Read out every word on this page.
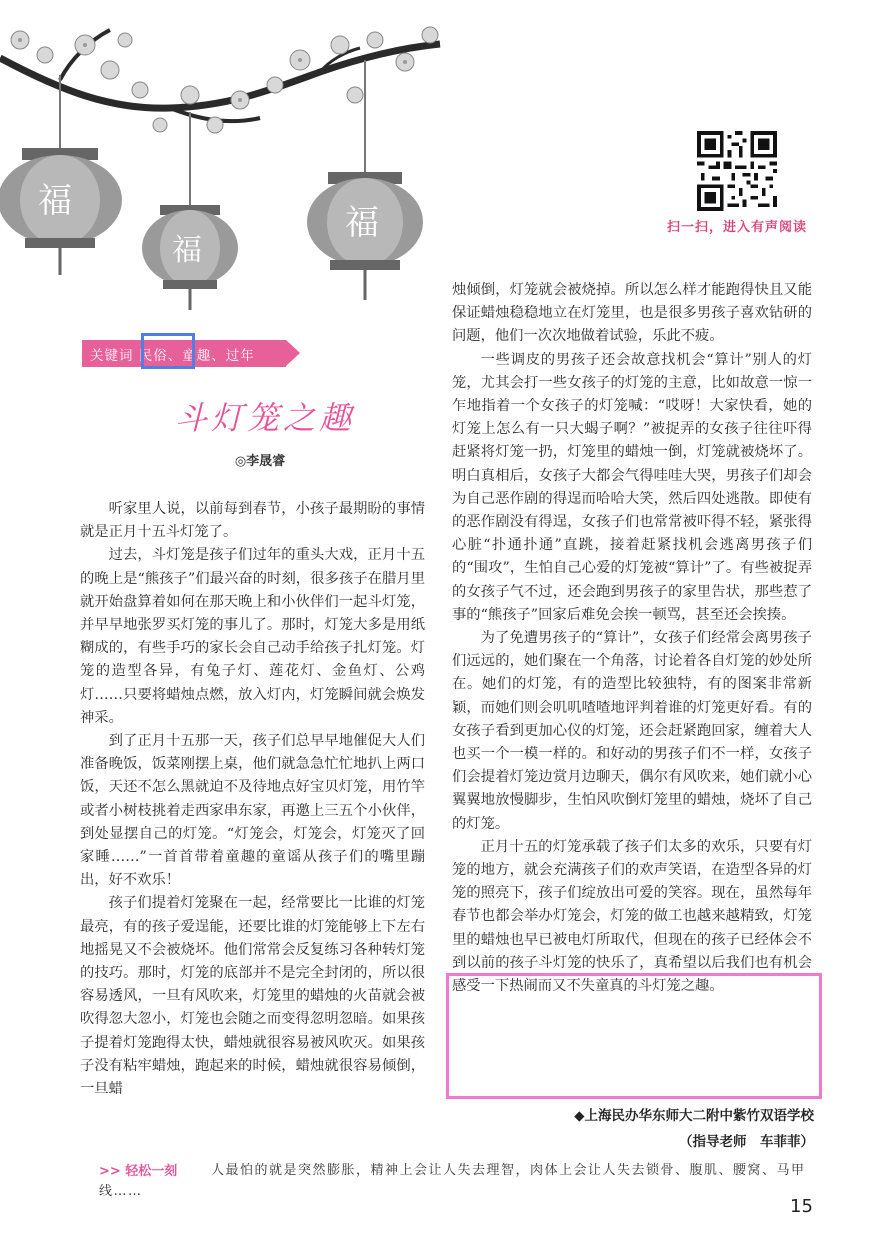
福
福
福	扫一扫，进入有声阅读
关键词 民俗、童趣、过年
斗灯笼之趣
◎李晟睿

听家里人说，以前每到春节，小孩子最期盼的事情就是正月十五斗灯笼了。

过去，斗灯笼是孩子们过年的重头大戏，正月十五的晚上是“熊孩子”们最兴奋的时刻，很多孩子在腊月里就开始盘算着如何在那天晚上和小伙伴们一起斗灯笼，并早早地张罗买灯笼的事儿了。那时，灯笼大多是用纸糊成的，有些手巧的家长会自己动手给孩子扎灯笼。灯笼的造型各异，有兔子灯、莲花灯、金鱼灯、公鸡灯……只要将蜡烛点燃，放入灯内，灯笼瞬间就会焕发神采。

到了正月十五那一天，孩子们总早早地催促大人们准备晚饭，饭菜刚摆上桌，他们就急急忙忙地扒上两口饭，天还不怎么黑就迫不及待地点好宝贝灯笼，用竹竿或者小树枝挑着走西家串东家，再邀上三五个小伙伴，到处显摆自己的灯笼。“灯笼会，灯笼会，灯笼灭了回家睡……”一首首带着童趣的童谣从孩子们的嘴里蹦出，好不欢乐！

孩子们提着灯笼聚在一起，经常要比一比谁的灯笼最亮，有的孩子爱逞能，还要比谁的灯笼能够上下左右地摇晃又不会被烧坏。他们常常会反复练习各种转灯笼的技巧。那时，灯笼的底部并不是完全封闭的，所以很容易透风，一旦有风吹来，灯笼里的蜡烛的火苗就会被吹得忽大忽小，灯笼也会随之而变得忽明忽暗。如果孩子提着灯笼跑得太快，蜡烛就很容易被风吹灭。如果孩子没有粘牢蜡烛，跑起来的时候，蜡烛就很容易倾倒，一旦蜡

烛倾倒，灯笼就会被烧掉。所以怎么样才能跑得快且又能保证蜡烛稳稳地立在灯笼里，也是很多男孩子喜欢钻研的问题，他们一次次地做着试验，乐此不疲。

一些调皮的男孩子还会故意找机会“算计”别人的灯笼，尤其会打一些女孩子的灯笼的主意，比如故意一惊一乍地指着一个女孩子的灯笼喊：“哎呀！大家快看，她的灯笼上怎么有一只大蝎子啊？”被捉弄的女孩子往往吓得赶紧将灯笼一扔，灯笼里的蜡烛一倒，灯笼就被烧坏了。明白真相后，女孩子大都会气得哇哇大哭，男孩子们却会为自己恶作剧的得逞而哈哈大笑，然后四处逃散。即使有的恶作剧没有得逞，女孩子们也常常被吓得不轻，紧张得心脏“扑通扑通”直跳，接着赶紧找机会逃离男孩子们的“围攻”，生怕自己心爱的灯笼被“算计”了。有些被捉弄的女孩子气不过，还会跑到男孩子的家里告状，那些惹了事的“熊孩子”回家后难免会挨一顿骂，甚至还会挨揍。

为了免遭男孩子的“算计”，女孩子们经常会离男孩子们远远的，她们聚在一个角落，讨论着各自灯笼的妙处所在。她们的灯笼，有的造型比较独特，有的图案非常新颖，而她们则会叽叽喳喳地评判着谁的灯笼更好看。有的女孩子看到更加心仪的灯笼，还会赶紧跑回家，缠着大人也买一个一模一样的。和好动的男孩子们不一样，女孩子们会提着灯笼边赏月边聊天，偶尔有风吹来，她们就小心翼翼地放慢脚步，生怕风吹倒灯笼里的蜡烛，烧坏了自己的灯笼。

正月十五的灯笼承载了孩子们太多的欢乐，只要有灯笼的地方，就会充满孩子们的欢声笑语，在造型各异的灯笼的照亮下，孩子们绽放出可爱的笑容。现在，虽然每年春节也都会举办灯笼会，灯笼的做工也越来越精致，灯笼里的蜡烛也早已被电灯所取代，但现在的孩子已经体会不到以前的孩子斗灯笼的快乐了，真希望以后我们也有机会感受一下热闹而又不失童真的斗灯笼之趣。

◆上海民办华东师大二附中紫竹双语学校
（指导老师　车菲菲）
>> 轻松一刻	人最怕的就是突然膨胀，精神上会让人失去理智，肉体上会让人失去锁骨、腹肌、腰窝、马甲线……
15
